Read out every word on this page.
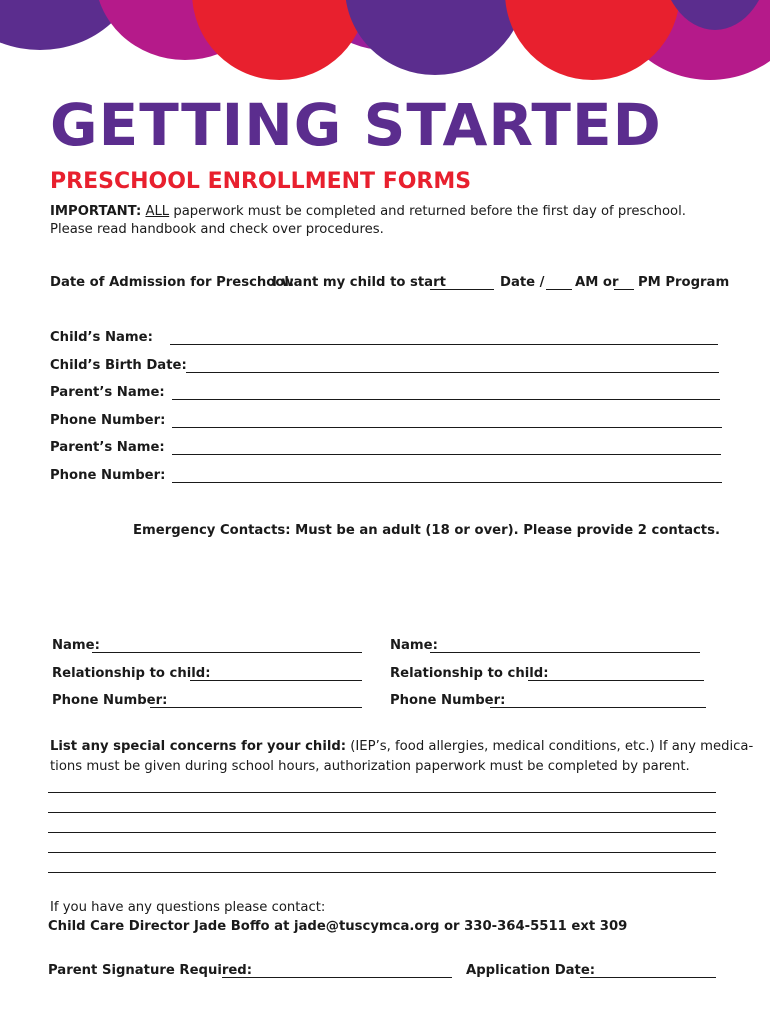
GETTING STARTED
PRESCHOOL ENROLLMENT FORMS
IMPORTANT: ALL paperwork must be completed and returned before the first day of preschool.
Please read handbook and check over procedures.
Date of Admission for Preschool:
I want my child to start	Date / AM or PM Program
Child’s Name:
Child’s Birth Date:
Parent’s Name:
Phone Number:
Parent’s Name:
Phone Number:
Emergency Contacts: Must be an adult (18 or over). Please provide 2 contacts.
Name:
Relationship to child:
Phone Number:
Name:
Relationship to child:
Phone Number:
List any special concerns for your child: (IEP’s, food allergies, medical conditions, etc.) If any medica-
tions must be given during school hours, authorization paperwork must be completed by parent.
If you have any questions please contact:
Child Care Director Jade Boffo at jade@tuscymca.org or 330-364-5511 ext 309
Parent Signature Required:	Application Date:
